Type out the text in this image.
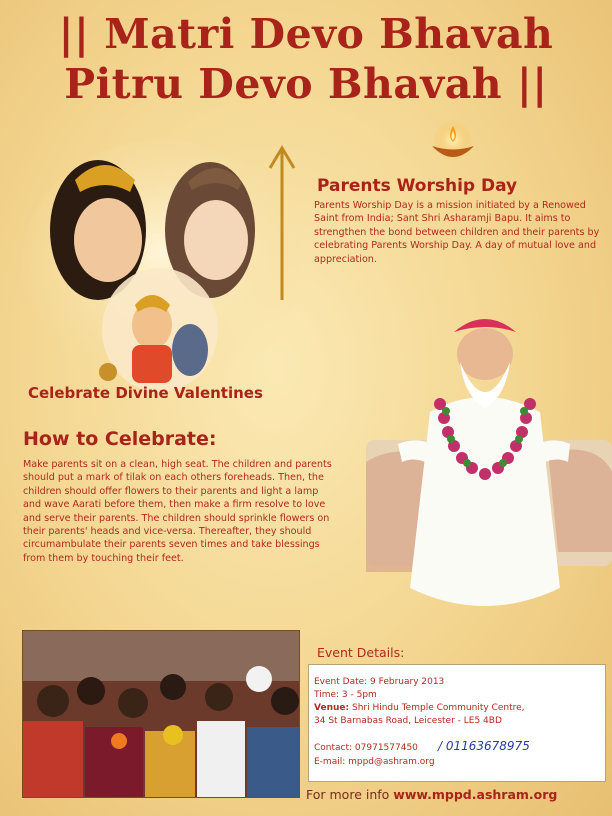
|| Matri Devo Bhavah
Pitru Devo Bhavah ||
Parents Worship Day
Parents Worship Day is a mission initiated by a Renowed Saint from India; Sant Shri Asharamji Bapu. It aims to strengthen the bond between children and their parents by celebrating Parents Worship Day. A day of mutual love and appreciation.
Celebrate Divine Valentines
How to Celebrate:
Make parents sit on a clean, high seat. The children and parents should put a mark of tilak on each others foreheads. Then, the children should offer flowers to their parents and light a lamp and wave Aarati before them, then make a firm resolve to love and serve their parents. The children should sprinkle flowers on their parents' heads and vice-versa. Thereafter, they should circumambulate their parents seven times and take blessings from them by touching their feet.
Event Details:
Event Date: 9 February 2013
Time: 3 - 5pm
Venue: Shri Hindu Temple Community Centre,
34 St Barnabas Road, Leicester - LE5 4BD
Contact: 07971577450 / 01163678975
E-mail: mppd@ashram.org
For more info www.mppd.ashram.org
